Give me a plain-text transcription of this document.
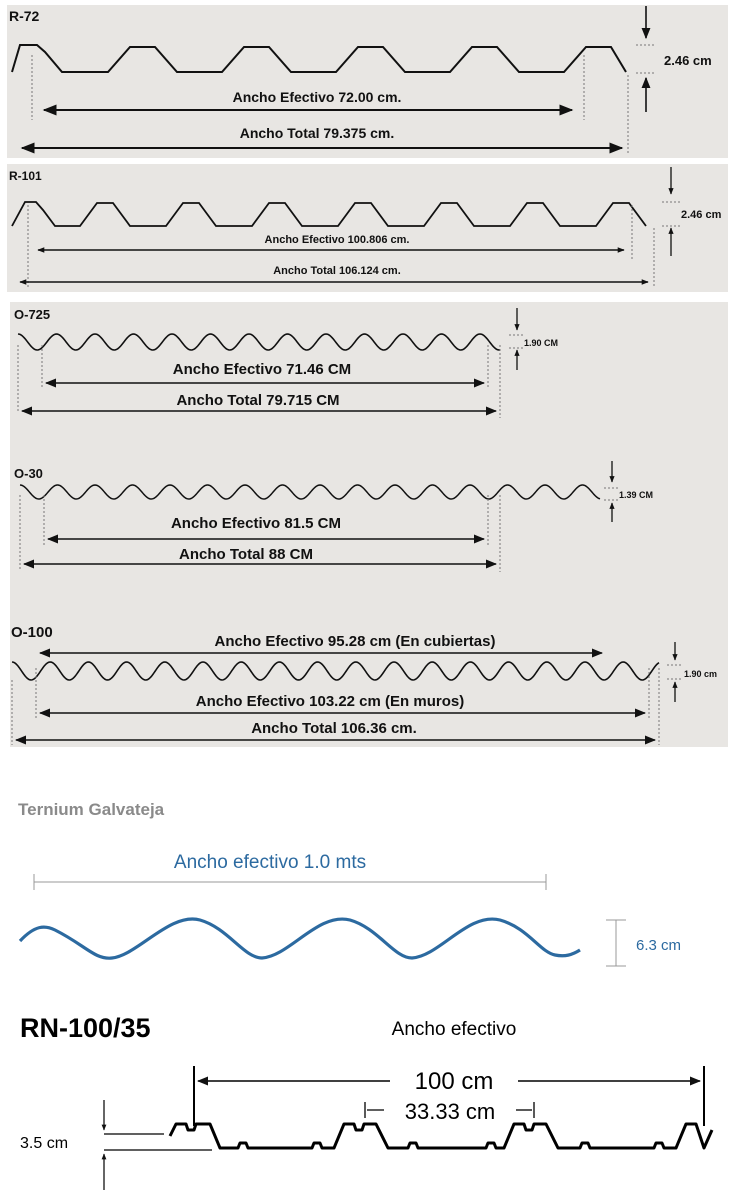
R-72
Ancho Efectivo 72.00 cm.
Ancho Total 79.375 cm.
2.46 cm
R-101
Ancho Efectivo 100.806 cm.
Ancho Total 106.124 cm.
2.46 cm
O-725
Ancho Efectivo 71.46 CM
Ancho Total 79.715 CM
1.90 CM
O-30
Ancho Efectivo 81.5 CM
Ancho Total 88 CM
1.39 CM
O-100
Ancho Efectivo 95.28 cm (En cubiertas)
Ancho Efectivo 103.22 cm (En muros)
Ancho Total 106.36 cm.
1.90 cm
Ternium Galvateja
Ancho efectivo 1.0 mts
6.3 cm
RN-100/35	Ancho efectivo
100 cm
33.33 cm
3.5 cm
